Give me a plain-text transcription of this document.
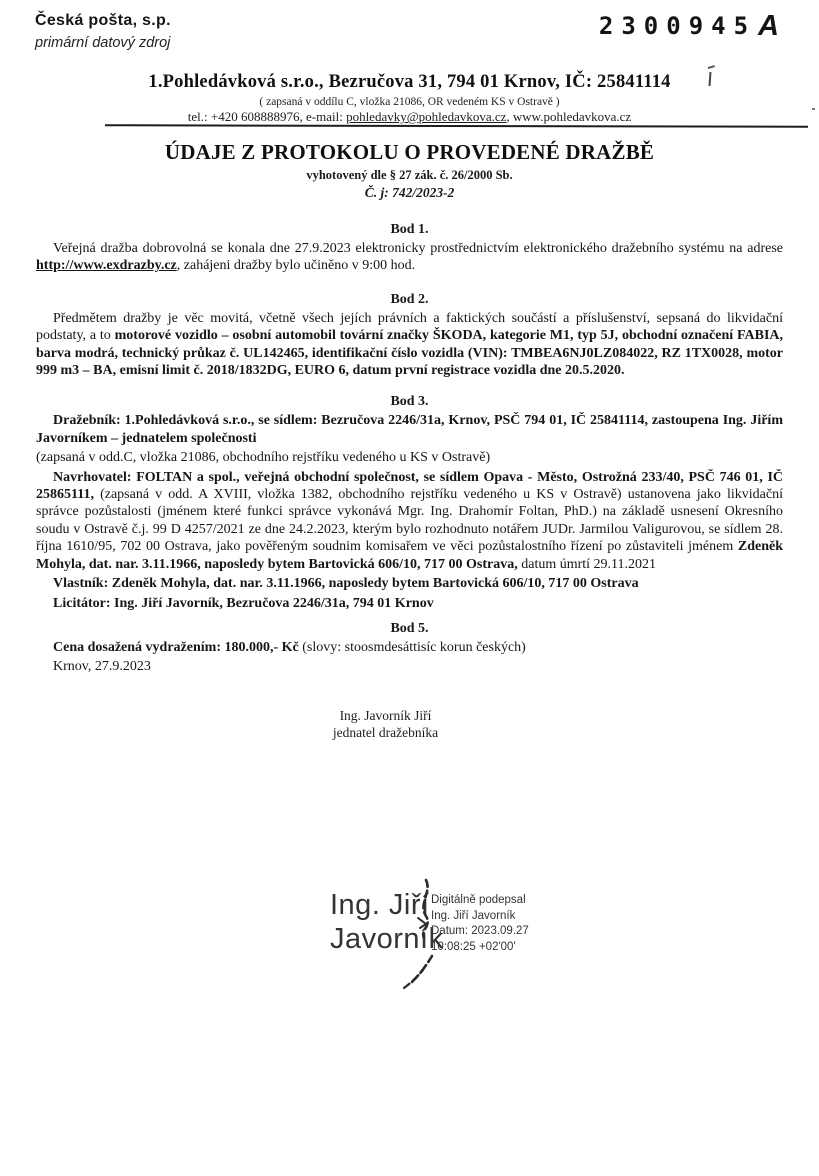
Česká pošta, s.p.
primární datový zdroj
2300945 A
1.Pohledávková s.r.o., Bezručova 31, 794 01 Krnov, IČ: 25841114
( zapsaná v oddílu C, vložka 21086, OR vedeném KS v Ostravě )
tel.: +420 608888976, e-mail: pohledavky@pohledavkova.cz, www.pohledavkova.cz
ÚDAJE Z PROTOKOLU O PROVEDENÉ DRAŽBĚ
vyhotovený dle § 27 zák. č. 26/2000 Sb.
Č. j: 742/2023-2
Bod 1.

Veřejná dražba dobrovolná se konala dne 27.9.2023 elektronicky prostřednictvím elektronického dražebního systému na adrese http://www.exdrazby.cz, zahájeni dražby bylo učiněno v 9:00 hod.

Bod 2.

Předmětem dražby je věc movitá, včetně všech jejích právních a faktických součástí a příslušenství, sepsaná do likvidační podstaty, a to motorové vozidlo – osobní automobil tovární značky ŠKODA, kategorie M1, typ 5J, obchodní označení FABIA, barva modrá, technický průkaz č. UL142465, identifikační číslo vozidla (VIN): TMBEA6NJ0LZ084022, RZ 1TX0028, motor 999 m3 – BA, emisní limit č. 2018/1832DG, EURO 6, datum první registrace vozidla dne 20.5.2020.

Bod 3.

Dražebník: 1.Pohledávková s.r.o., se sídlem: Bezručova 2246/31a, Krnov, PSČ 794 01, IČ 25841114, zastoupena Ing. Jiřím Javorníkem – jednatelem společnosti

(zapsaná v odd.C, vložka 21086, obchodního rejstříku vedeného u KS v Ostravě)

Navrhovatel: FOLTAN a spol., veřejná obchodní společnost, se sídlem Opava - Město, Ostrožná 233/40, PSČ 746 01, IČ 25865111, (zapsaná v odd. A XVIII, vložka 1382, obchodního rejstříku vedeného u KS v Ostravě) ustanovena jako likvidační správce pozůstalosti (jménem které funkci správce vykonává Mgr. Ing. Drahomír Foltan, PhD.) na základě usnesení Okresního soudu v Ostravě č.j. 99 D 4257/2021 ze dne 24.2.2023, kterým bylo rozhodnuto notářem JUDr. Jarmilou Valigurovou, se sídlem 28. října 1610/95, 702 00 Ostrava, jako pověřeným soudnim komisařem ve věci pozůstalostního řízení po zůstaviteli jménem Zdeněk Mohyla, dat. nar. 3.11.1966, naposledy bytem Bartovická 606/10, 717 00 Ostrava, datum úmrtí 29.11.2021

Vlastník: Zdeněk Mohyla, dat. nar. 3.11.1966, naposledy bytem Bartovická 606/10, 717 00 Ostrava

Licitátor: Ing. Jiří Javorník, Bezručova 2246/31a, 794 01 Krnov

Bod 5.

Cena dosažená vydražením: 180.000,- Kč (slovy: stoosmdesáttisíc korun českých)

Krnov, 27.9.2023

Ing. Javorník Jiří
jednatel dražebníka
Ing. Jiří
Javorník
Digitálně podepsal
Ing. Jiří Javorník
Datum: 2023.09.27
10:08:25 +02'00'
